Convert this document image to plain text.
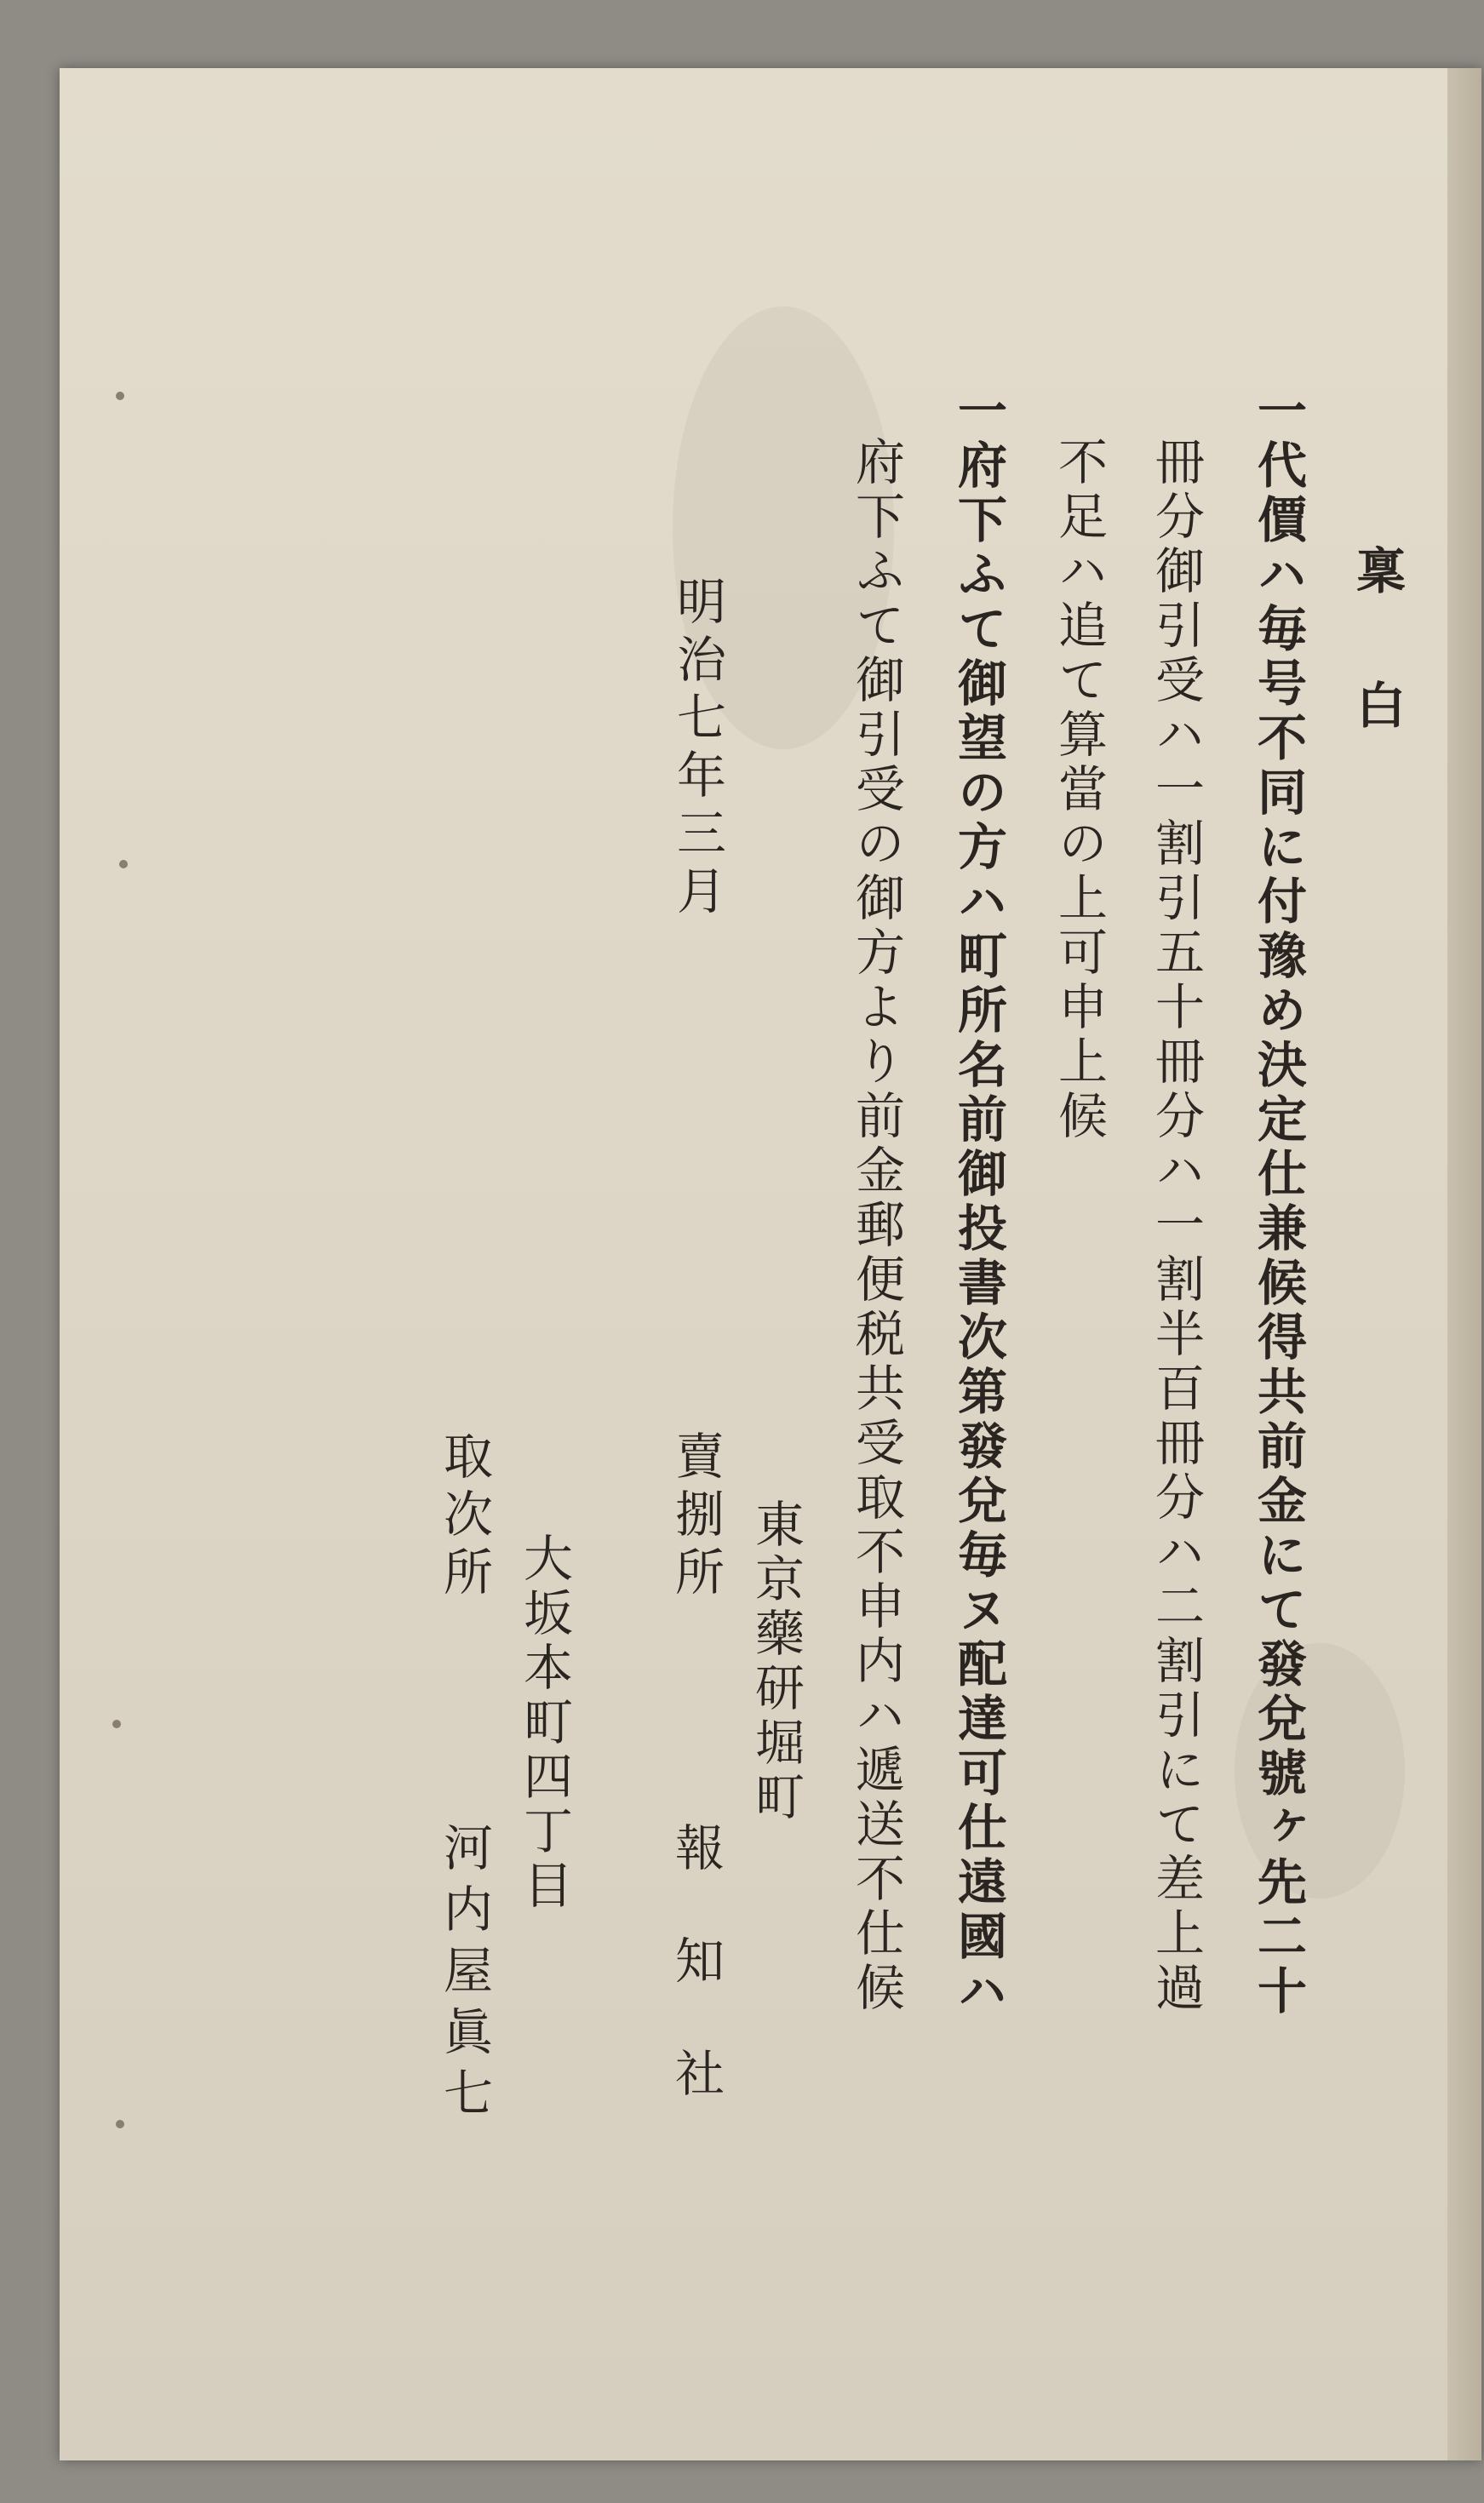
稟白
一代價ハ毎号不同に付豫め決定仕兼候得共前金にて發兌號ヶ先二十
冊分御引受ハ一割引五十冊分ハ一割半百冊分ハ二割引にて差上過
不足ハ追て算當の上可申上候
一府下ふて御望の方ハ町所名前御投書次第發兌毎ヌ配達可仕遠國ハ
府下ふて御引受の御方より前金郵便税共受取不申内ハ遞送不仕候
明治七年三月
東京藥研堀町
賣捌所
報 知 社
大坂本町四丁目
取次所
河内屋眞七
